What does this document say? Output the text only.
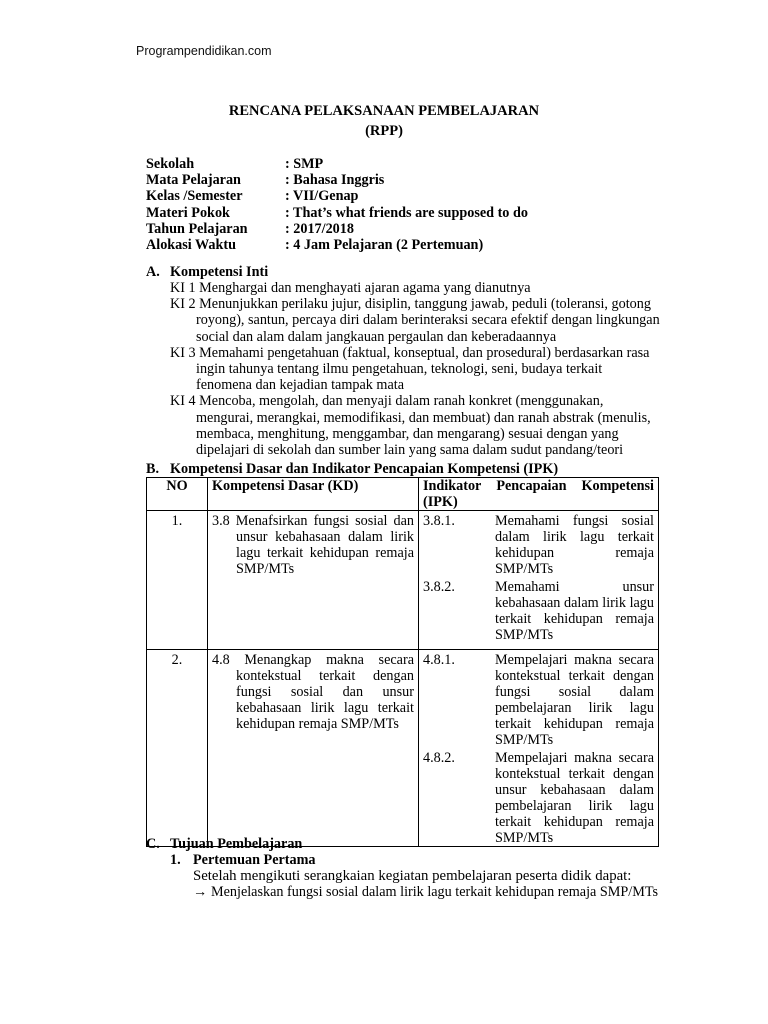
Programpendidikan.com
RENCANA PELAKSANAAN PEMBELAJARAN
(RPP)
Sekolah	: SMP
Mata Pelajaran	: Bahasa Inggris
Kelas /Semester	: VII/Genap
Materi Pokok	: That’s what friends are supposed to do
Tahun Pelajaran	: 2017/2018
Alokasi Waktu	: 4 Jam Pelajaran (2 Pertemuan)
A. Kompetensi Inti

KI 1 Menghargai dan menghayati ajaran agama yang dianutnya

KI 2 Menunjukkan perilaku jujur, disiplin, tanggung jawab, peduli (toleransi, gotong royong), santun, percaya diri dalam berinteraksi secara efektif dengan lingkungan social dan alam dalam jangkauan pergaulan dan keberadaannya

KI 3 Memahami pengetahuan (faktual, konseptual, dan prosedural) berdasarkan rasa ingin tahunya tentang ilmu pengetahuan, teknologi, seni, budaya terkait fenomena dan kejadian tampak mata

KI 4 Mencoba, mengolah, dan menyaji dalam ranah konkret (menggunakan, mengurai, merangkai, memodifikasi, dan membuat) dan ranah abstrak (menulis, membaca, menghitung, menggambar, dan mengarang) sesuai dengan yang dipelajari di sekolah dan sumber lain yang sama dalam sudut pandang/teori

B. Kompetensi Dasar dan Indikator Pencapaian Kompetensi (IPK)
NO	Kompetensi Dasar (KD)	Indikator Pencapaian Kompetensi
(IPK)

1.	3.8 Menafsirkan fungsi sosial dan unsur kebahasaan dalam lirik lagu terkait kehidupan remaja SMP/MTs	3.8.1. Memahami fungsi sosial dalam lirik lagu terkait kehidupan remaja SMP/MTs
3.8.2. Memahami unsur kebahasaan dalam lirik lagu terkait kehidupan remaja SMP/MTs

2.	4.8 Menangkap makna secara kontekstual terkait dengan fungsi sosial dan unsur kebahasaan lirik lagu terkait kehidupan remaja SMP/MTs	4.8.1. Mempelajari makna secara kontekstual terkait dengan fungsi sosial dalam pembelajaran lirik lagu terkait kehidupan remaja SMP/MTs
4.8.2. Mempelajari makna secara kontekstual terkait dengan unsur kebahasaan dalam pembelajaran lirik lagu terkait kehidupan remaja SMP/MTs
C. Tujuan Pembelajaran
1. Pertemuan Pertama
Setelah mengikuti serangkaian kegiatan pembelajaran peserta didik dapat:
→ Menjelaskan fungsi sosial dalam lirik lagu terkait kehidupan remaja SMP/MTs
